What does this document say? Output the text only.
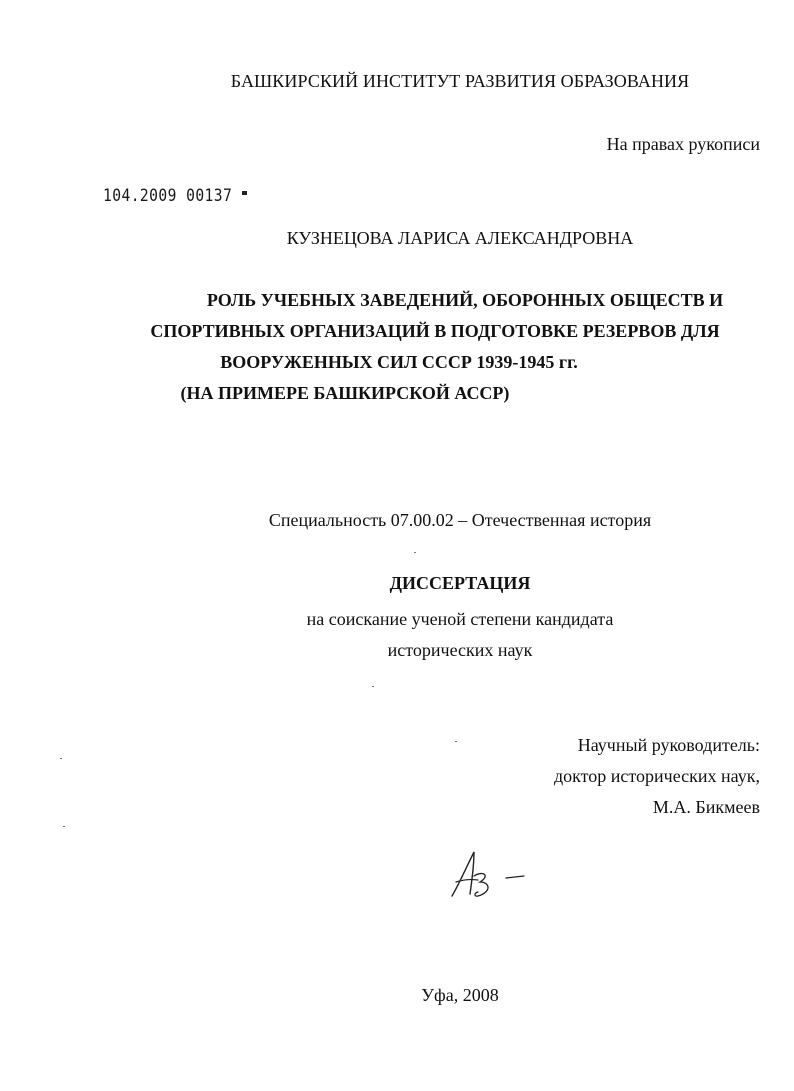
БАШКИРСКИЙ ИНСТИТУТ РАЗВИТИЯ ОБРАЗОВАНИЯ
На правах рукописи
104.2009 00137
КУЗНЕЦОВА ЛАРИСА АЛЕКСАНДРОВНА
РОЛЬ УЧЕБНЫХ ЗАВЕДЕНИЙ, ОБОРОННЫХ ОБЩЕСТВ И
СПОРТИВНЫХ ОРГАНИЗАЦИЙ В ПОДГОТОВКЕ РЕЗЕРВОВ ДЛЯ
ВООРУЖЕННЫХ СИЛ СССР 1939-1945 гг.
(НА ПРИМЕРЕ БАШКИРСКОЙ АССР)
Специальность 07.00.02 – Отечественная история
ДИССЕРТАЦИЯ
на соискание ученой степени кандидата
исторических наук
Научный руководитель:
доктор исторических наук,
М.А. Бикмеев
Уфа, 2008
